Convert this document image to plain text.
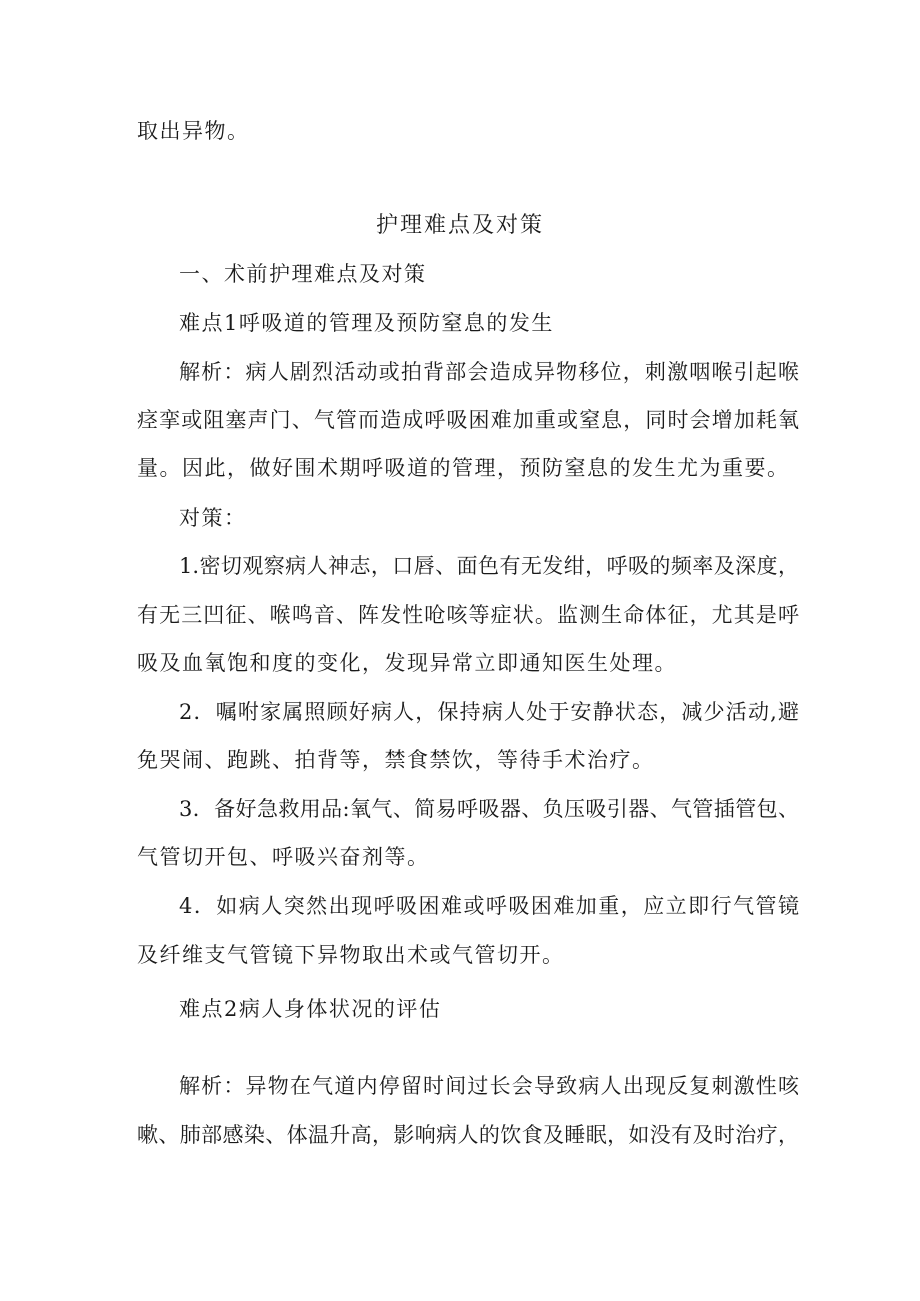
取出异物。
护理难点及对策
一、术前护理难点及对策
难点1呼吸道的管理及预防窒息的发生
解析：病人剧烈活动或拍背部会造成异物移位，刺激咽喉引起喉
痉挛或阻塞声门、气管而造成呼吸困难加重或窒息，同时会增加耗氧
量。因此，做好围术期呼吸道的管理，预防窒息的发生尤为重要。
对策：
1.密切观察病人神志，口唇、面色有无发绀，呼吸的频率及深度，
有无三凹征、喉鸣音、阵发性呛咳等症状。监测生命体征，尤其是呼
吸及血氧饱和度的变化，发现异常立即通知医生处理。
2．嘱咐家属照顾好病人，保持病人处于安静状态，减少活动,避
免哭闹、跑跳、拍背等，禁食禁饮，等待手术治疗。
3．备好急救用品:氧气、简易呼吸器、负压吸引器、气管插管包、
气管切开包、呼吸兴奋剂等。
4．如病人突然出现呼吸困难或呼吸困难加重，应立即行气管镜
及纤维支气管镜下异物取出术或气管切开。
难点2病人身体状况的评估
解析：异物在气道内停留时间过长会导致病人出现反复刺激性咳
嗽、肺部感染、体温升高，影响病人的饮食及睡眠，如没有及时治疗，
